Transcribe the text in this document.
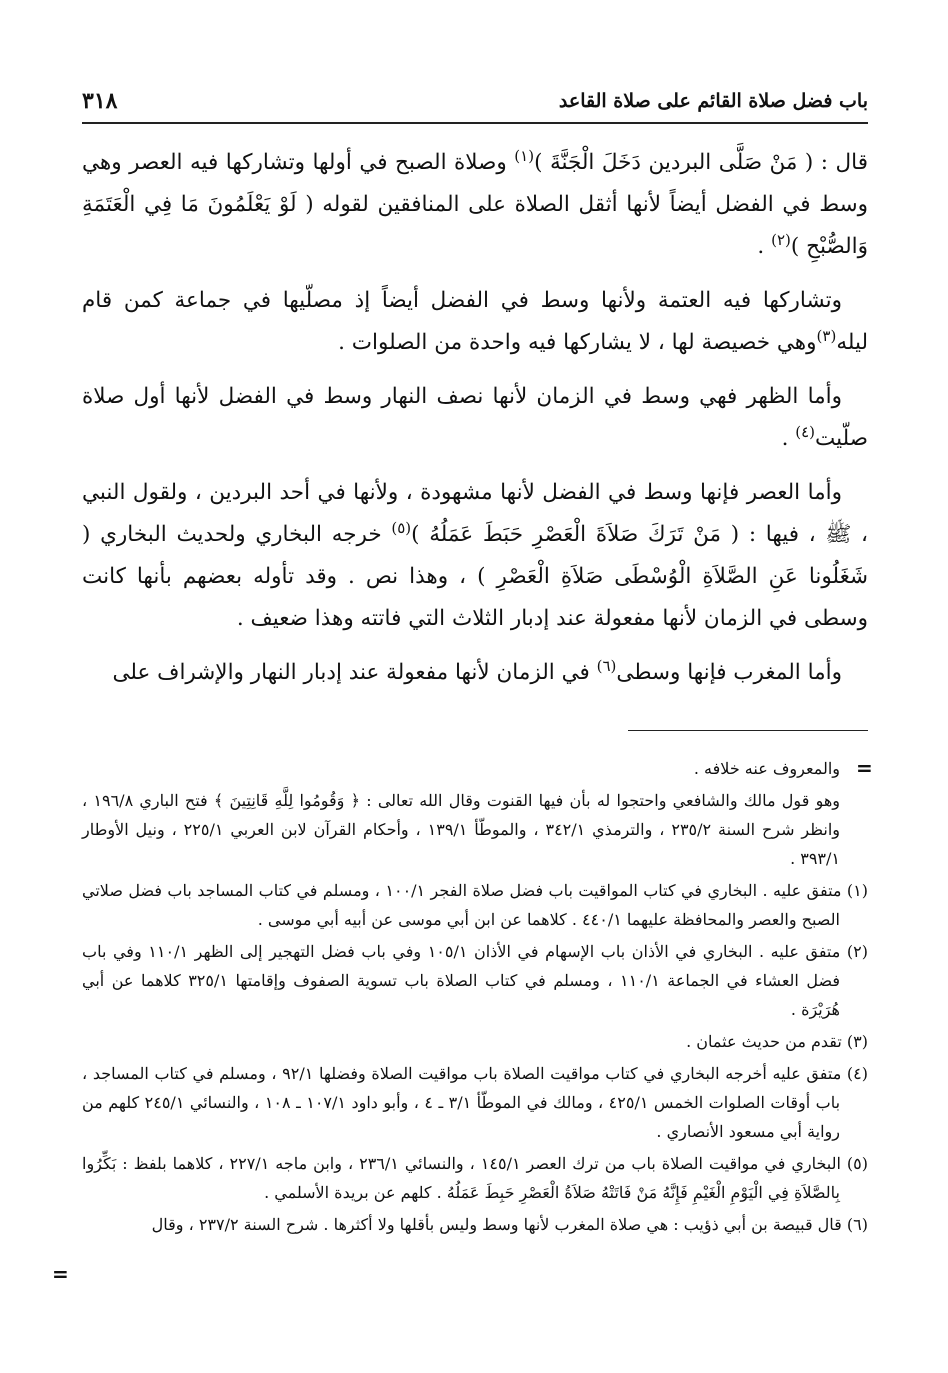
باب فضل صلاة القائم على صلاة القاعد
٣١٨

قال : ( مَنْ صَلَّى البردين دَخَلَ الْجَنَّةَ )$^{(١)}$ وصلاة الصبح في أولها وتشاركها فيه العصر وهي وسط في الفضل أيضاً لأنها أثقل الصلاة على المنافقين لقوله ( لَوْ يَعْلَمُونَ مَا فِي الْعَتَمَةِ وَالصُّبْحِ )$^{(٢)}$ .

وتشاركها فيه العتمة ولأنها وسط في الفضل أيضاً إذ مصلّيها في جماعة كمن قام ليله$^{(٣)}$وهي خصيصة لها ، لا يشاركها فيه واحدة من الصلوات .

وأما الظهر فهي وسط في الزمان لأنها نصف النهار وسط في الفضل لأنها أول صلاة صلّيت$^{(٤)}$ .

وأما العصر فإنها وسط في الفضل لأنها مشهودة ، ولأنها في أحد البردين ، ولقول النبي ، ﷺ ، فيها : ( مَنْ تَرَكَ صَلاَةَ الْعَصْرِ حَبَطَ عَمَلُهُ )$^{(٥)}$ خرجه البخاري ولحديث البخاري ( شَغَلُونا عَنِ الصَّلاَةِ الْوُسْطَى صَلاَةِ الْعَصْرِ ) ، وهذا نص . وقد تأوله بعضهم بأنها كانت وسطى في الزمان لأنها مفعولة عند إدبار الثلاث التي فاتته وهذا ضعيف .

وأما المغرب فإنها وسطى$^{(٦)}$ في الزمان لأنها مفعولة عند إدبار النهار والإشراف على

=

والمعروف عنه خلافه .

وهو قول مالك والشافعي واحتجوا له بأن فيها القنوت وقال الله تعالى : ﴿ وَقُومُوا لِلَّهِ قَانِتِينَ ﴾ فتح الباري ١٩٦/٨ ، وانظر شرح السنة ٢٣٥/٢ ، والترمذي ٣٤٢/١ ، والموطّأ ١٣٩/١ ، وأحكام القرآن لابن العربي ٢٢٥/١ ، ونيل الأوطار ٣٩٣/١ .

(١) متفق عليه . البخاري في كتاب المواقيت باب فضل صلاة الفجر ١٠٠/١ ، ومسلم في كتاب المساجد باب فضل صلاتي الصبح والعصر والمحافظة عليهما ٤٤٠/١ . كلاهما عن ابن أبي موسى عن أبيه أبي موسى .

(٢) متفق عليه . البخاري في الأذان باب الإسهام في الأذان ١٠٥/١ وفي باب فضل التهجير إلى الظهر ١١٠/١ وفي باب فضل العشاء في الجماعة ١١٠/١ ، ومسلم في كتاب الصلاة باب تسوية الصفوف وإقامتها ٣٢٥/١ كلاهما عن أبي هُرَيْرَة .

(٣) تقدم من حديث عثمان .

(٤) متفق عليه أخرجه البخاري في كتاب مواقيت الصلاة باب مواقيت الصلاة وفضلها ٩٢/١ ، ومسلم في كتاب المساجد ، باب أوقات الصلوات الخمس ٤٢٥/١ ، ومالك في الموطّأ ٣/١ ـ ٤ ، وأبو داود ١٠٧/١ ـ ١٠٨ ، والنسائي ٢٤٥/١ كلهم من رواية أبي مسعود الأنصاري .

(٥) البخاري في مواقيت الصلاة باب من ترك العصر ١٤٥/١ ، والنسائي ٢٣٦/١ ، وابن ماجه ٢٢٧/١ ، كلاهما بلفظ : بَكِّرُوا بِالصَّلاَةِ فِي الْيَوْمِ الْغَيْمِ فَإِنَّهُ مَنْ فَاتَتْهُ صَلاَةُ الْعَصْرِ حَبِطَ عَمَلُهُ . كلهم عن بريدة الأسلمي .

(٦) قال قبيصة بن أبي ذؤيب : هي صلاة المغرب لأنها وسط وليس بأقلها ولا أكثرها . شرح السنة ٢٣٧/٢ ، وقال

=
